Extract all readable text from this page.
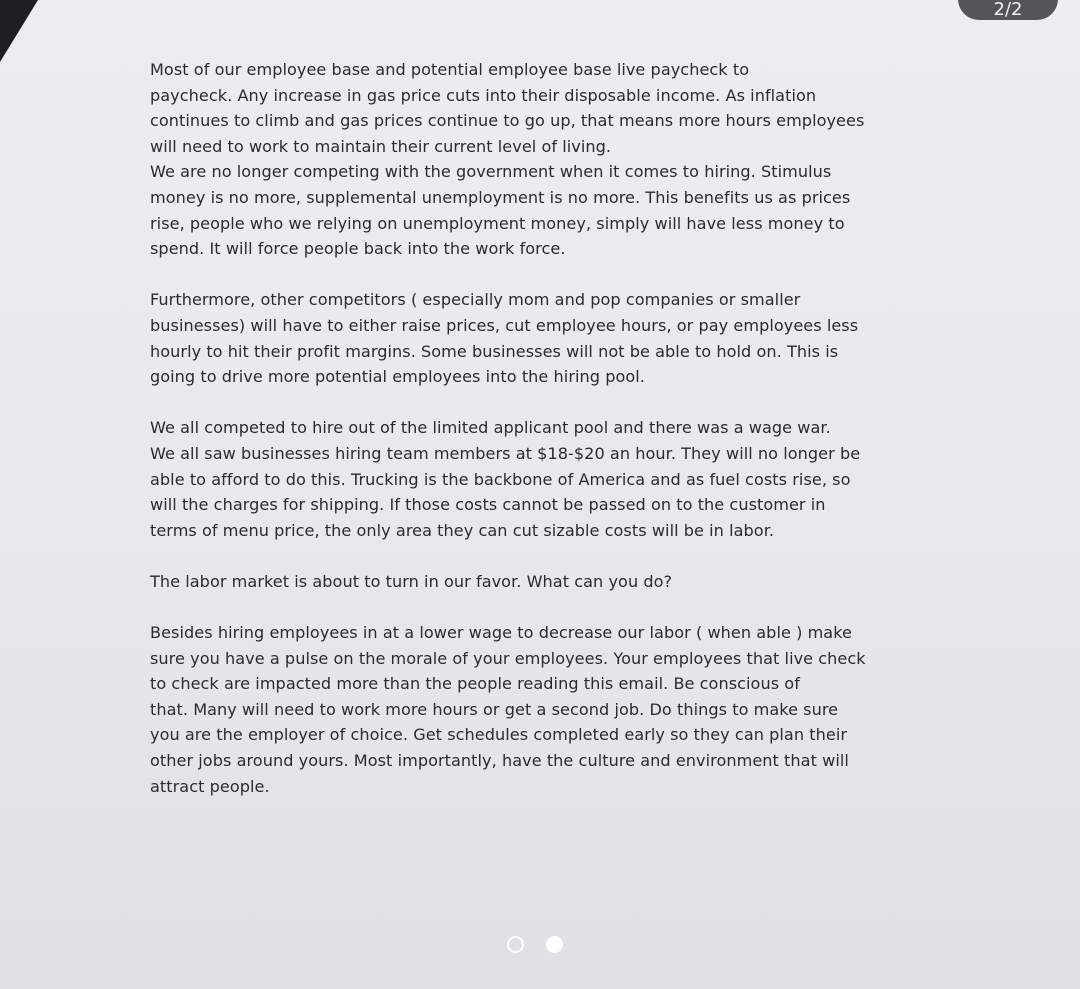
2/2

Most of our employee base and potential employee base live paycheck to
paycheck. Any increase in gas price cuts into their disposable income. As inflation
continues to climb and gas prices continue to go up, that means more hours employees
will need to work to maintain their current level of living.
We are no longer competing with the government when it comes to hiring. Stimulus
money is no more, supplemental unemployment is no more. This benefits us as prices
rise, people who we relying on unemployment money, simply will have less money to
spend. It will force people back into the work force.

Furthermore, other competitors ( especially mom and pop companies or smaller
businesses) will have to either raise prices, cut employee hours, or pay employees less
hourly to hit their profit margins. Some businesses will not be able to hold on. This is
going to drive more potential employees into the hiring pool.

We all competed to hire out of the limited applicant pool and there was a wage war.
We all saw businesses hiring team members at $18-$20 an hour. They will no longer be
able to afford to do this. Trucking is the backbone of America and as fuel costs rise, so
will the charges for shipping. If those costs cannot be passed on to the customer in
terms of menu price, the only area they can cut sizable costs will be in labor.

The labor market is about to turn in our favor. What can you do?

Besides hiring employees in at a lower wage to decrease our labor ( when able ) make
sure you have a pulse on the morale of your employees. Your employees that live check
to check are impacted more than the people reading this email. Be conscious of
that. Many will need to work more hours or get a second job. Do things to make sure
you are the employer of choice. Get schedules completed early so they can plan their
other jobs around yours. Most importantly, have the culture and environment that will
attract people.
